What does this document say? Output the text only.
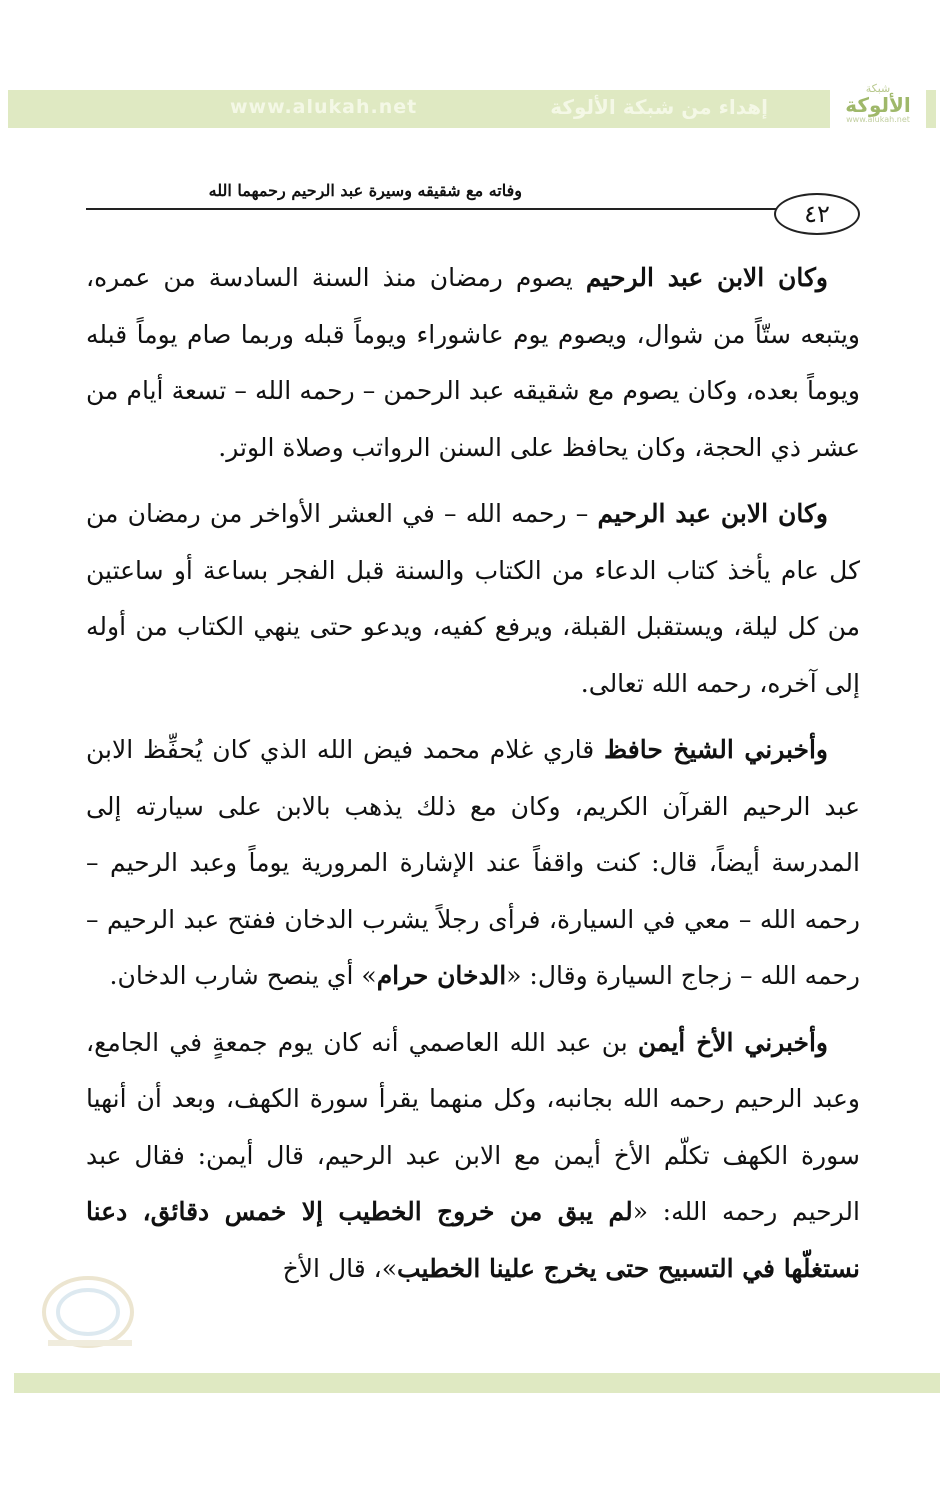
www.alukah.net	إهداء من شبكة الألوكة
شبكة
الألوكة
www.alukah.net
وفاته مع شقيقه وسيرة عبد الرحيم رحمهما الله
٤٢

وكان الابن عبد الرحيم يصوم رمضان منذ السنة السادسة من عمره، ويتبعه ستّاً من شوال، ويصوم يوم عاشوراء ويوماً قبله وربما صام يوماً قبله ويوماً بعده، وكان يصوم مع شقيقه عبد الرحمن – رحمه الله – تسعة أيام من عشر ذي الحجة، وكان يحافظ على السنن الرواتب وصلاة الوتر.

وكان الابن عبد الرحيم – رحمه الله – في العشر الأواخر من رمضان من كل عام يأخذ كتاب الدعاء من الكتاب والسنة قبل الفجر بساعة أو ساعتين من كل ليلة، ويستقبل القبلة، ويرفع كفيه، ويدعو حتى ينهي الكتاب من أوله إلى آخره، رحمه الله تعالى.

وأخبرني الشيخ حافظ قاري غلام محمد فيض الله الذي كان يُحفِّظ الابن عبد الرحيم القرآن الكريم، وكان مع ذلك يذهب بالابن على سيارته إلى المدرسة أيضاً، قال: كنت واقفاً عند الإشارة المرورية يوماً وعبد الرحيم – رحمه الله – معي في السيارة، فرأى رجلاً يشرب الدخان ففتح عبد الرحيم – رحمه الله – زجاج السيارة وقال: «الدخان حرام» أي ينصح شارب الدخان.

وأخبرني الأخ أيمن بن عبد الله العاصمي أنه كان يوم جمعةٍ في الجامع، وعبد الرحيم رحمه الله بجانبه، وكل منهما يقرأ سورة الكهف، وبعد أن أنهيا سورة الكهف تكلّم الأخ أيمن مع الابن عبد الرحيم، قال أيمن: فقال عبد الرحيم رحمه الله: «لم يبق من خروج الخطيب إلا خمس دقائق، دعنا نستغلّها في التسبيح حتى يخرج علينا الخطيب»، قال الأخ
